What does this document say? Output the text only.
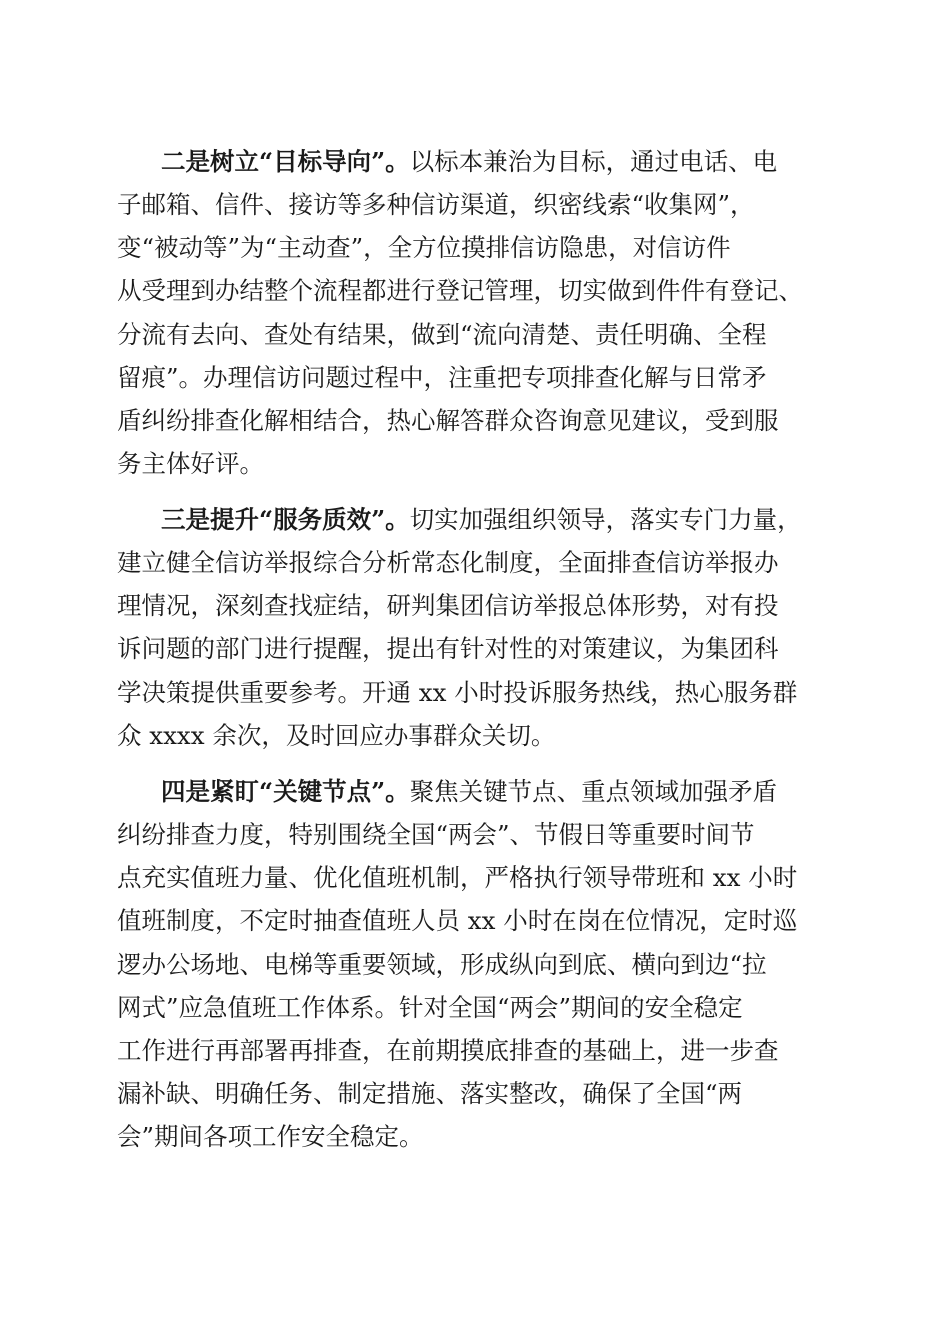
二是树立“目标导向”。以标本兼治为目标，通过电话、电
子邮箱、信件、接访等多种信访渠道，织密线索“收集网”，
变“被动等”为“主动查”，全方位摸排信访隐患，对信访件
从受理到办结整个流程都进行登记管理，切实做到件件有登记、
分流有去向、查处有结果，做到“流向清楚、责任明确、全程
留痕”。办理信访问题过程中，注重把专项排查化解与日常矛
盾纠纷排查化解相结合，热心解答群众咨询意见建议，受到服
务主体好评。
三是提升“服务质效”。切实加强组织领导，落实专门力量，
建立健全信访举报综合分析常态化制度，全面排查信访举报办
理情况，深刻查找症结，研判集团信访举报总体形势，对有投
诉问题的部门进行提醒，提出有针对性的对策建议，为集团科
学决策提供重要参考。开通 xx 小时投诉服务热线，热心服务群
众 xxxx 余次，及时回应办事群众关切。
四是紧盯“关键节点”。聚焦关键节点、重点领域加强矛盾
纠纷排查力度，特别围绕全国“两会”、节假日等重要时间节
点充实值班力量、优化值班机制，严格执行领导带班和 xx 小时
值班制度，不定时抽查值班人员 xx 小时在岗在位情况，定时巡
逻办公场地、电梯等重要领域，形成纵向到底、横向到边“拉
网式”应急值班工作体系。针对全国“两会”期间的安全稳定
工作进行再部署再排查，在前期摸底排查的基础上，进一步查
漏补缺、明确任务、制定措施、落实整改，确保了全国“两
会”期间各项工作安全稳定。
